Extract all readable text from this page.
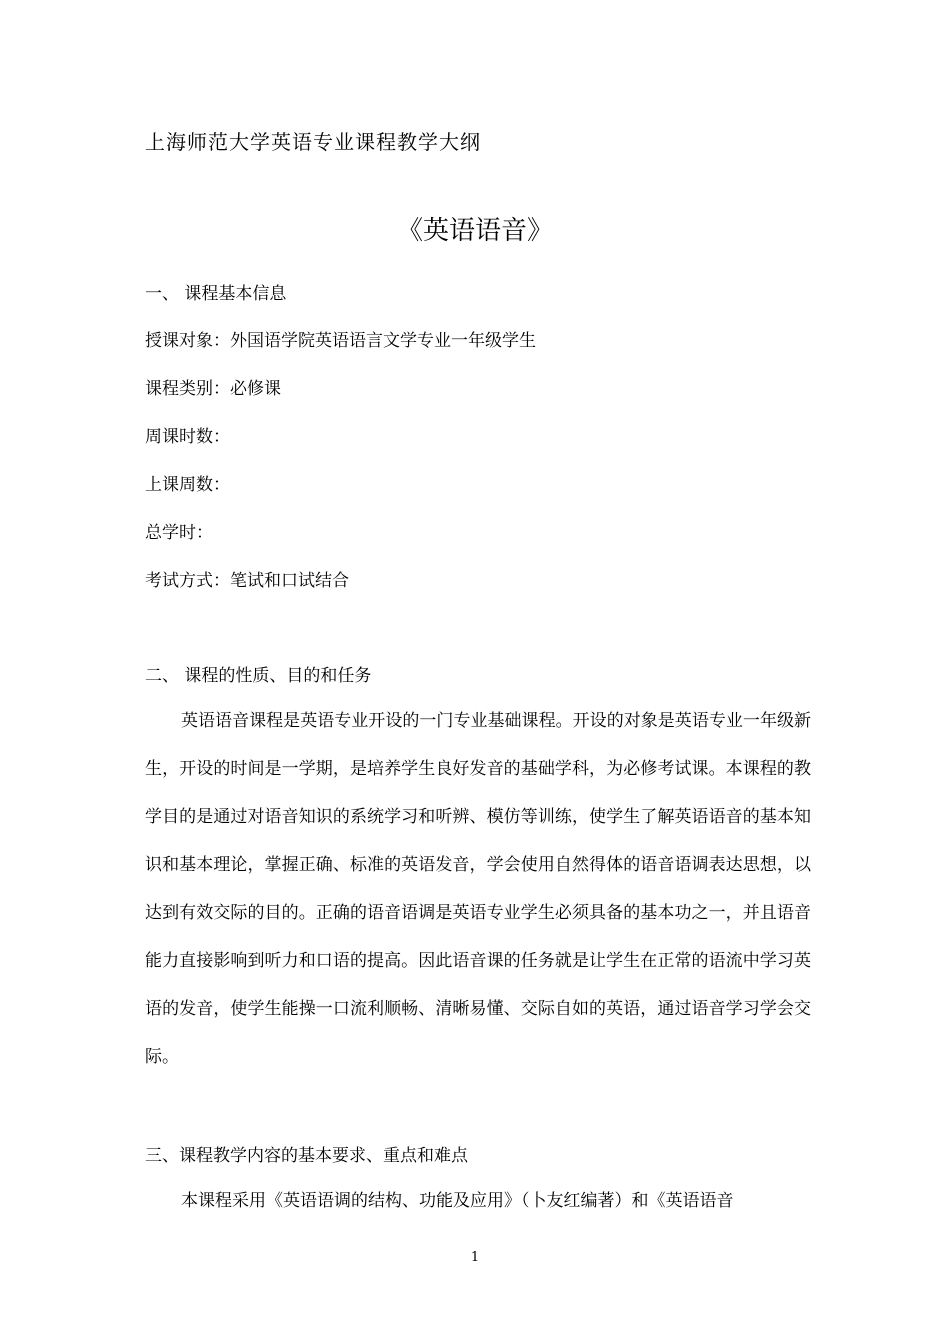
上海师范大学英语专业课程教学大纲
《英语语音》
一、 课程基本信息
授课对象：外国语学院英语语言文学专业一年级学生
课程类别：必修课
周课时数：
上课周数：
总学时：
考试方式：笔试和口试结合
二、 课程的性质、目的和任务
英语语音课程是英语专业开设的一门专业基础课程。开设的对象是英语专业一年级新生，开设的时间是一学期，是培养学生良好发音的基础学科，为必修考试课。本课程的教学目的是通过对语音知识的系统学习和听辨、模仿等训练，使学生了解英语语音的基本知识和基本理论，掌握正确、标准的英语发音，学会使用自然得体的语音语调表达思想，以达到有效交际的目的。正确的语音语调是英语专业学生必须具备的基本功之一，并且语音能力直接影响到听力和口语的提高。因此语音课的任务就是让学生在正常的语流中学习英语的发音，使学生能操一口流利顺畅、清晰易懂、交际自如的英语，通过语音学习学会交际。
三、课程教学内容的基本要求、重点和难点
本课程采用《英语语调的结构、功能及应用》（卜友红编著）和《英语语音
1
